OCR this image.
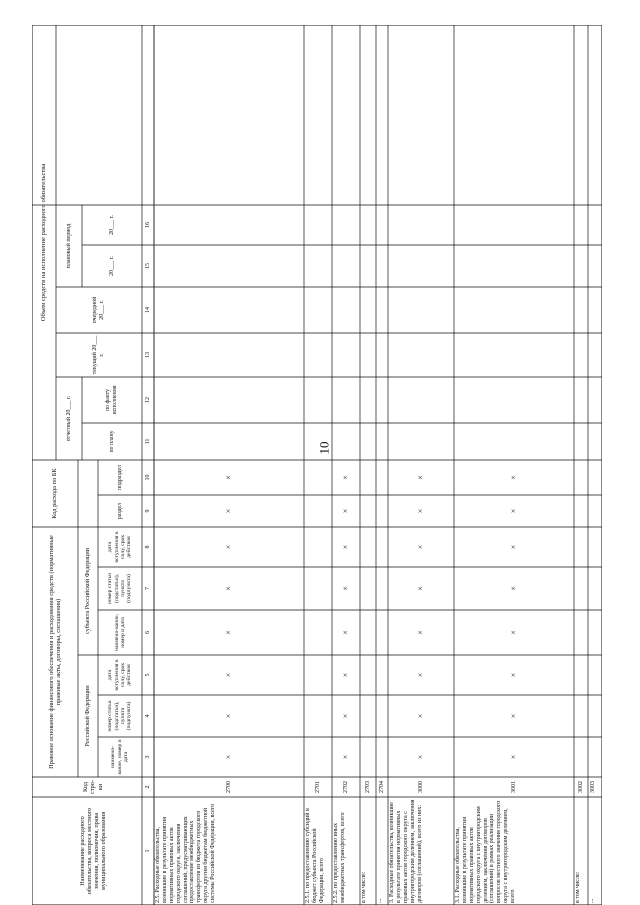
10
Наименование расходного обязательства, вопроса местного значения, полномочия, права муниципального образования
Код стро-ки
Правовое основание финансового обеспечения и расходования средств (нормативные правовые акты, договоры, соглашения)
Российской Федерации
субъекта Российской Федерации
наимено-вание, номер и дата
номер статьи (подстатьи), пункта (подпункта)
дата вступления в силу, срок действия
наимено-вание, номер и дата
номер статьи (подстатьи), пункта (подпункта)
дата вступления в силу, срок действия
Код расхода по БК	раздел
подраздел
Объем средств на исполнение расходного обязательства
отчетный 20___ г.
по плану
по факту исполнения
текущий 20___ г.
очередной 20___ г.
плановый период	20___ г.
20___ г.
1
2
3
4
5
6
7
8
9
10
11
12
13
14
15
16
2.5. Расходные обязательства, возникшие в результате принятия нормативных правовых актов городского округа, заключения соглашений, предусматривающих предоставление межбюджетных трансфертов из бюджета городского округа другим бюджетам бюджетной системы Российской Федерации, всего
2700
×
×
×
×
×
×
×
×
2.5.1. по предоставлению субсидий в бюджет субъекта Российской Федерации, всего
2701
2.5.2. по предоставлению иных межбюджетных трансфертов, всего
2702
×
×
×
×
×
×
×
×
в том числе:
2703
...
2704
3. Расходные обязательства, возникшие в результате принятия нормативных правовых актов городского округа с внутригородским делением, заключения договоров (соглашений), всего из них:
3000
×
×
×
×
×
×
×
×
3.1. Расходные обязательства, возникшие в результате принятия нормативных правовых актов городского округа с внутригородским делением, заключения договоров (соглашений) в рамках реализации вопросов местного значения городского округа с внутригородским делением, всего
3001
×
×
×
×
×
×
×
×
в том числе:
3002
...
3003
